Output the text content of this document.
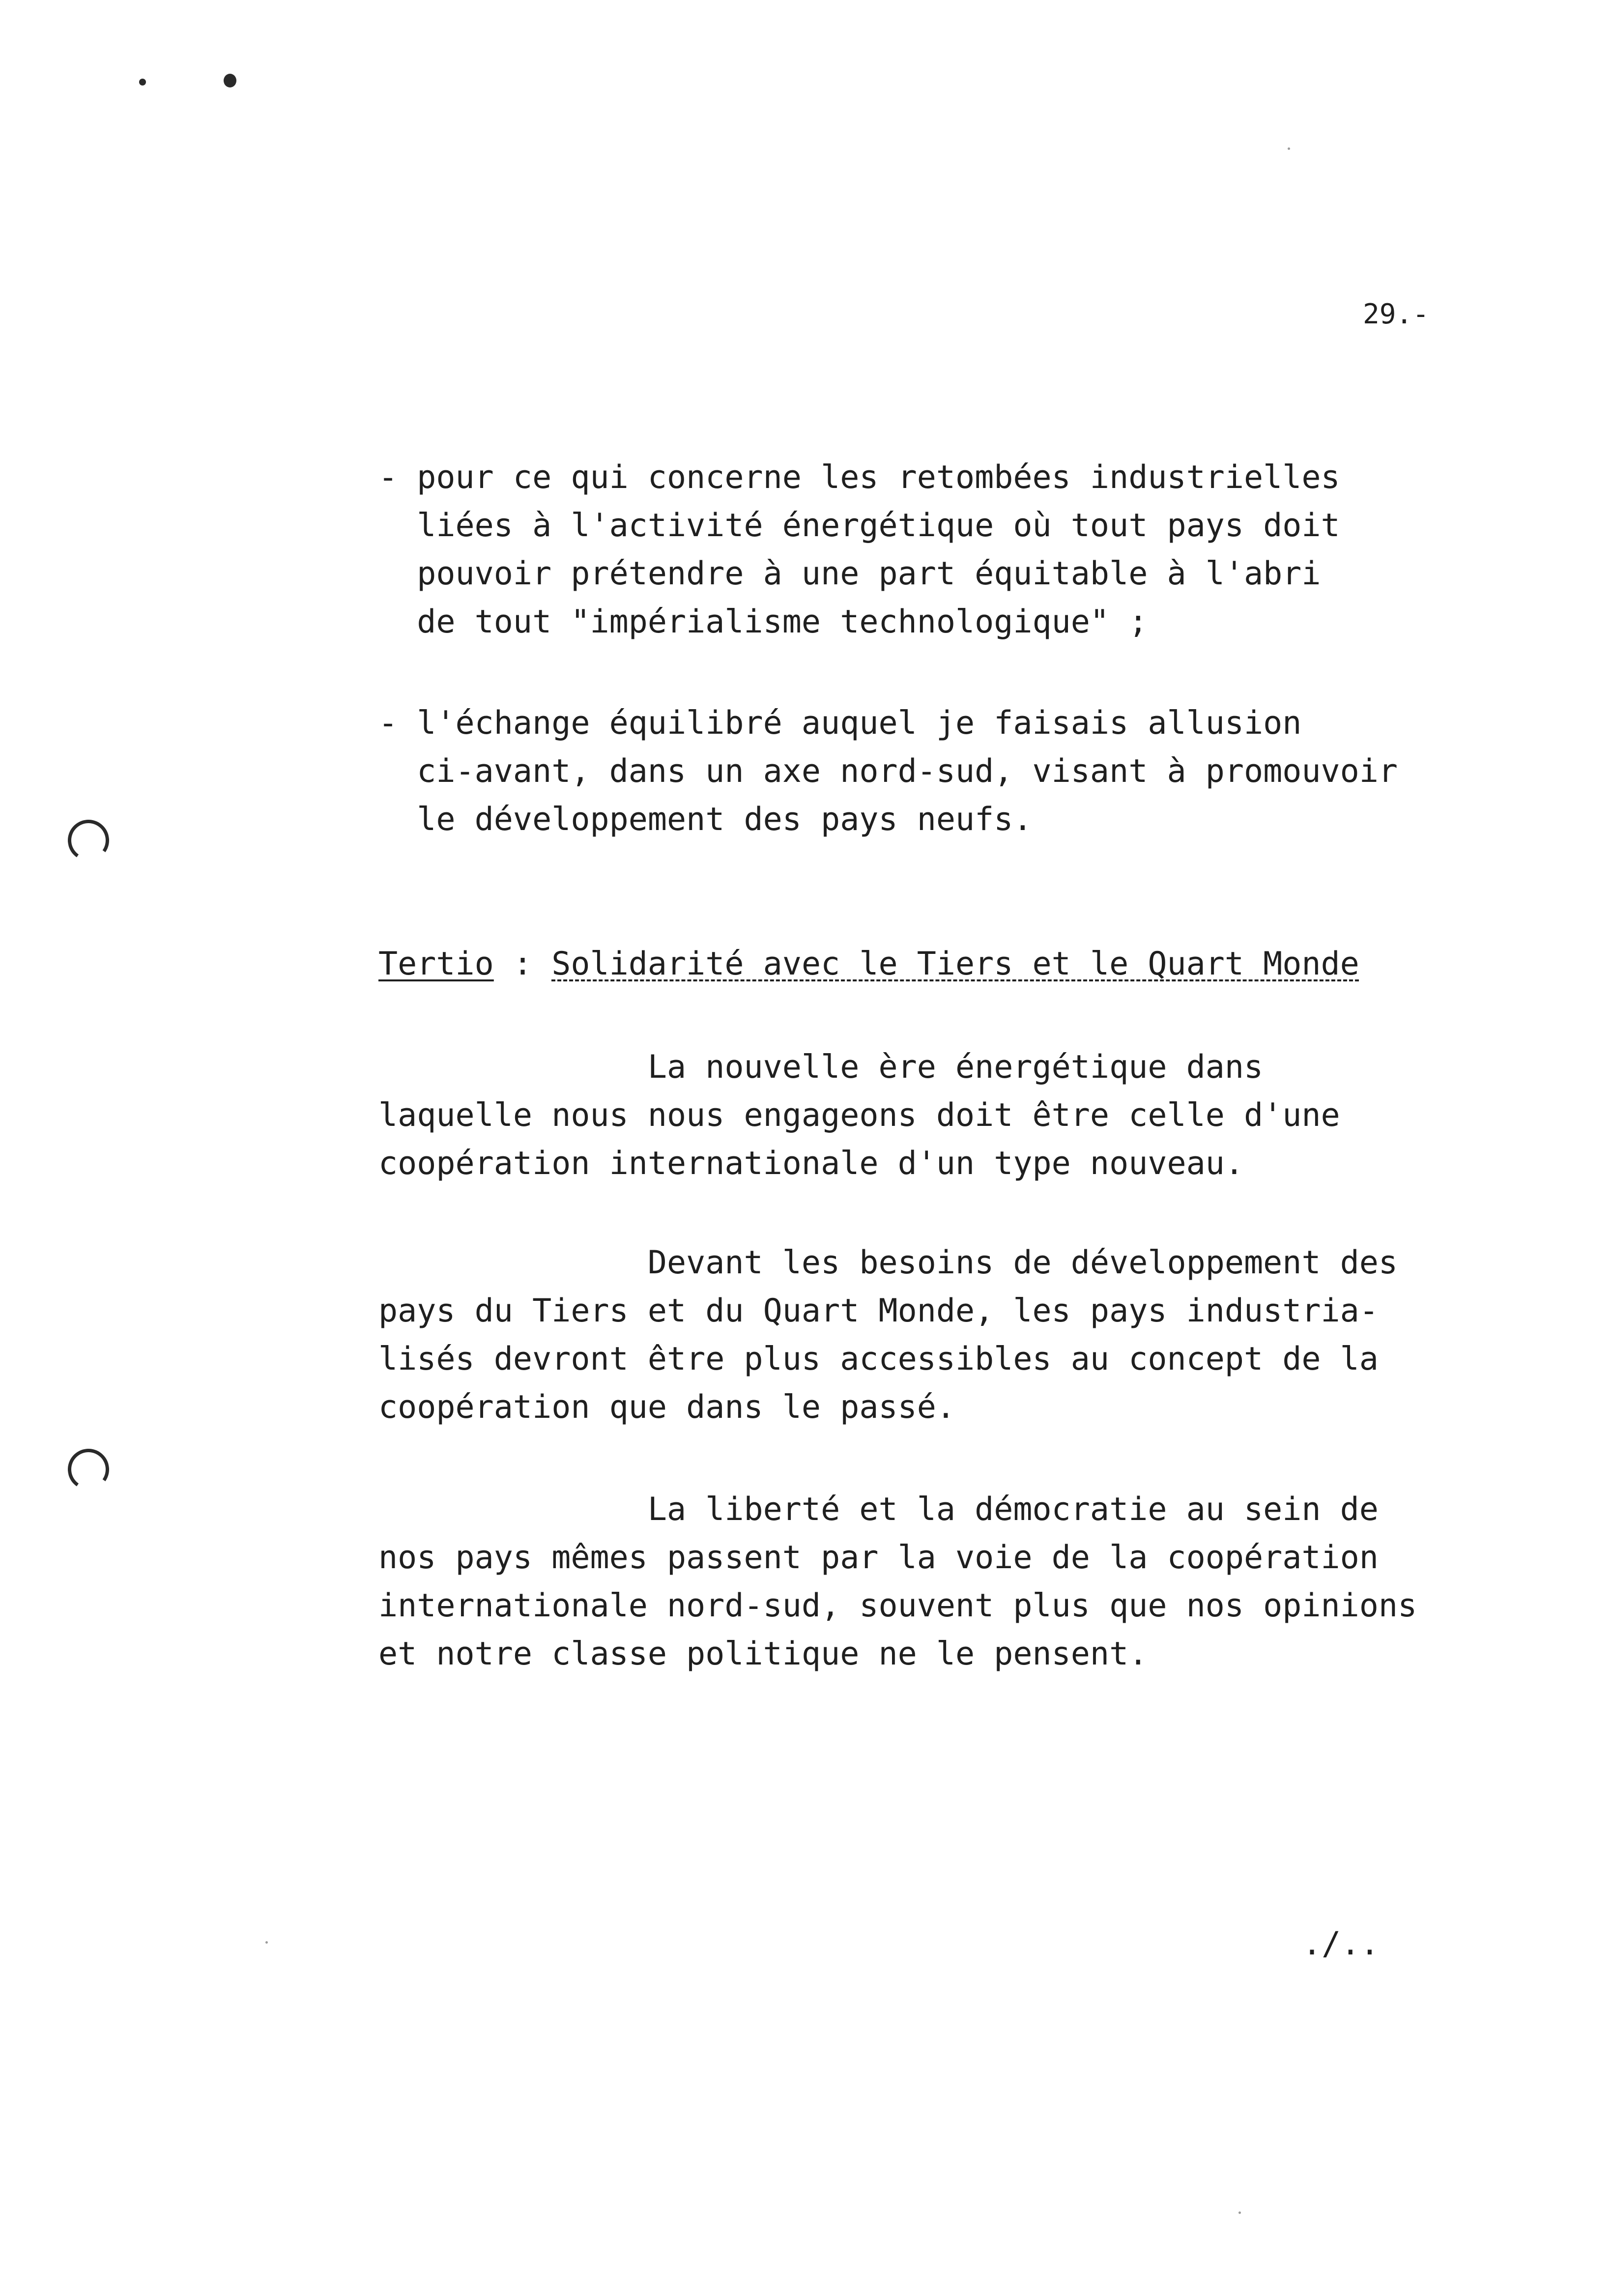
29.-
- pour ce qui concerne les retombées industrielles
liées à l'activité énergétique où tout pays doit
pouvoir prétendre à une part équitable à l'abri
de tout "impérialisme technologique" ;
- l'échange équilibré auquel je faisais allusion
ci-avant, dans un axe nord-sud, visant à promouvoir
le développement des pays neufs.
Tertio : Solidarité avec le Tiers et le Quart Monde
La nouvelle ère énergétique dans
laquelle nous nous engageons doit être celle d'une
coopération internationale d'un type nouveau.
Devant les besoins de développement des
pays du Tiers et du Quart Monde, les pays industria-
lisés devront être plus accessibles au concept de la
coopération que dans le passé.
La liberté et la démocratie au sein de
nos pays mêmes passent par la voie de la coopération
internationale nord-sud, souvent plus que nos opinions
et notre classe politique ne le pensent.
./..
